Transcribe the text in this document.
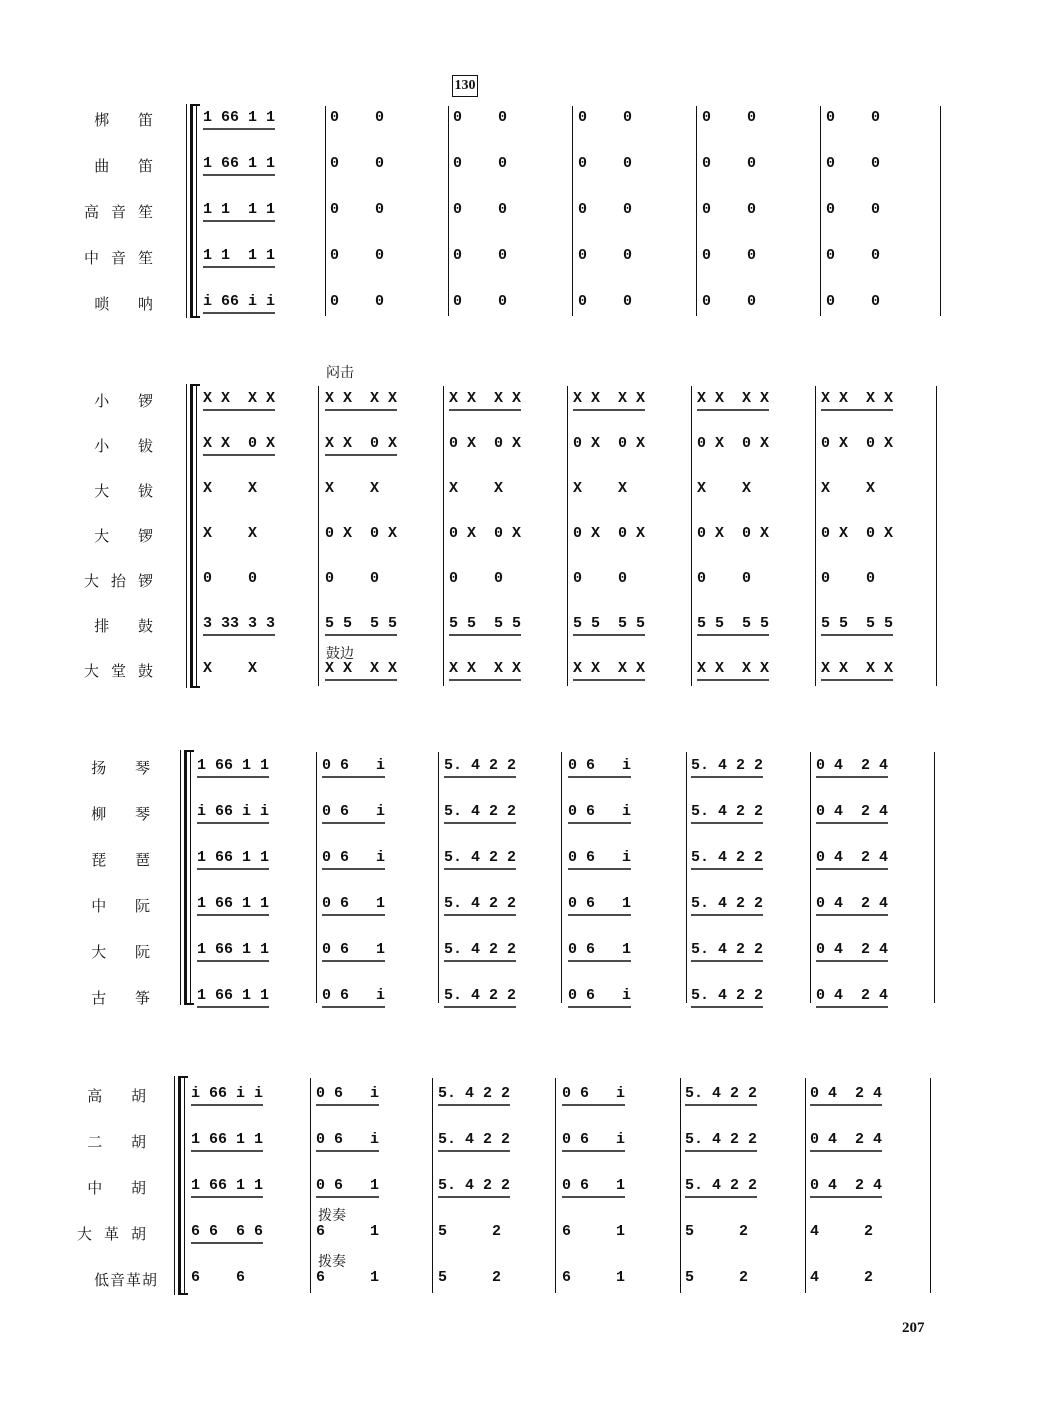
130
207
闷击
鼓边
拨奏
拨奏
梆 笛	1 66 1 1	0    0	0    0	0    0	0    0	0    0
曲 笛	1 66 1 1	0    0	0    0	0    0	0    0	0    0
高音笙	1 1  1 1	0    0	0    0	0    0	0    0	0    0
中音笙	1 1  1 1	0    0	0    0	0    0	0    0	0    0
唢 呐	i 66 i i	0    0	0    0	0    0	0    0	0    0
小 锣	X X  X X	X X  X X	X X  X X	X X  X X	X X  X X	X X  X X
小 钹	X X  0 X	X X  0 X	0 X  0 X	0 X  0 X	0 X  0 X	0 X  0 X
大 钹	X    X	X    X	X    X	X    X	X    X	X    X
大 锣	X    X	0 X  0 X	0 X  0 X	0 X  0 X	0 X  0 X	0 X  0 X
大抬锣	0    0	0    0	0    0	0    0	0    0	0    0
排 鼓	3 33 3 3	5 5  5 5	5 5  5 5	5 5  5 5	5 5  5 5	5 5  5 5
大堂鼓	X    X	X X  X X	X X  X X	X X  X X	X X  X X	X X  X X
扬 琴 1 66 1 1	0 6   i	5. 4 2 2	0 6   i	5. 4 2 2	0 4  2 4
柳 琴 i 66 i i	0 6   i	5. 4 2 2	0 6   i	5. 4 2 2	0 4  2 4
琵 琶 1 66 1 1	0 6   i	5. 4 2 2	0 6   i	5. 4 2 2	0 4  2 4
中 阮 1 66 1 1	0 6   1	5. 4 2 2	0 6   1	5. 4 2 2	0 4  2 4
大 阮 1 66 1 1	0 6   1	5. 4 2 2	0 6   1	5. 4 2 2	0 4  2 4
古 筝 1 66 1 1	0 6   i	5. 4 2 2	0 6   i	5. 4 2 2	0 4  2 4
高 胡 i 66 i i	0 6   i	5. 4 2 2	0 6   i	5. 4 2 2	0 4  2 4
二 胡 1 66 1 1	0 6   i	5. 4 2 2	0 6   i	5. 4 2 2	0 4  2 4
中 胡 1 66 1 1	0 6   1	5. 4 2 2	0 6   1	5. 4 2 2	0 4  2 4
大革胡 6 6  6 6	6     1	5     2	6     1	5     2	4     2
低音革胡 6    6	6     1	5     2	6     1	5     2	4     2
